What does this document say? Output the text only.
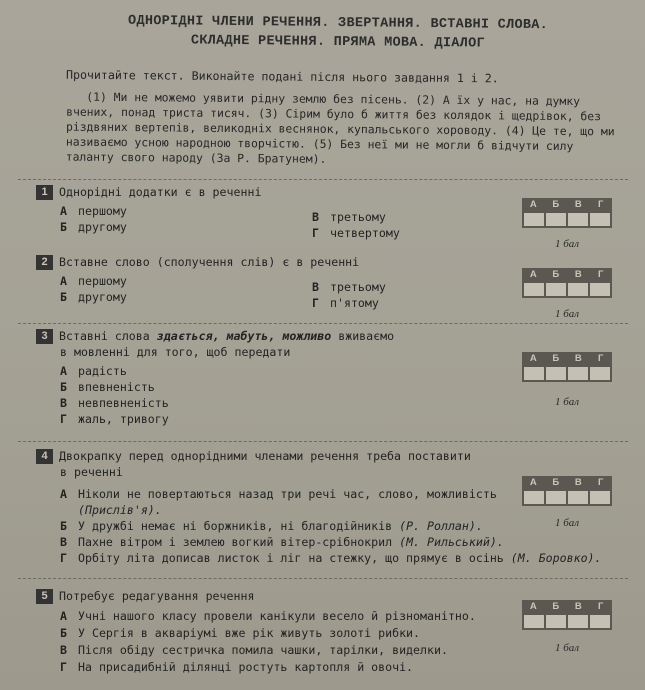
ОДНОРІДНІ ЧЛЕНИ РЕЧЕННЯ. ЗВЕРТАННЯ. ВСТАВНІ СЛОВА.
СКЛАДНЕ РЕЧЕННЯ. ПРЯМА МОВА. ДІАЛОГ
Прочитайте текст. Виконайте подані після нього завдання 1 і 2.
(1) Ми не можемо уявити рідну землю без пісень. (2) А їх у нас, на думку вчених, понад триста тисяч. (3) Сірим було б життя без колядок і щедрівок, без різдвяних вертепів, великодніх веснянок, купальського хороводу. (4) Це те, що ми називаємо усною народною творчістю. (5) Без неї ми не могли б відчути силу таланту свого народу (За Р. Братунем).
1 Однорідні додатки є в реченні
А першому
Б другому
В третьому
Г четвертому
А	Б	В	Г
1 бал
2 Вставне слово (сполучення слів) є в реченні
А першому
Б другому
В третьому
Г п'ятому
А	Б	В	Г
1 бал
3 Вставні слова здається, мабуть, можливо вживаємо
в мовленні для того, щоб передати
А радість
Б впевненість
В невпевненість
Г жаль, тривогу
А	Б	В	Г
1 бал
4 Двокрапку перед однорідними членами речення треба поставити
в реченні
А Ніколи не повертаються назад три речі час, слово, можливість
(Прислів'я).
Б У дружбі немає ні боржників, ні благодійників (Р. Роллан).
В Пахне вітром і землею вогкий вітер-срібнокрил (М. Рильський).
Г Орбіту літа дописав листок і ліг на стежку, що прямує в осінь (М. Боровко).
А	Б	В	Г
1 бал
5 Потребує редагування речення
А Учні нашого класу провели канікули весело й різноманітно.
Б У Сергія в акваріумі вже рік живуть золоті рибки.
В Після обіду сестричка помила чашки, тарілки, виделки.
Г На присадибній ділянці ростуть картопля й овочі.
А	Б	В	Г
1 бал
